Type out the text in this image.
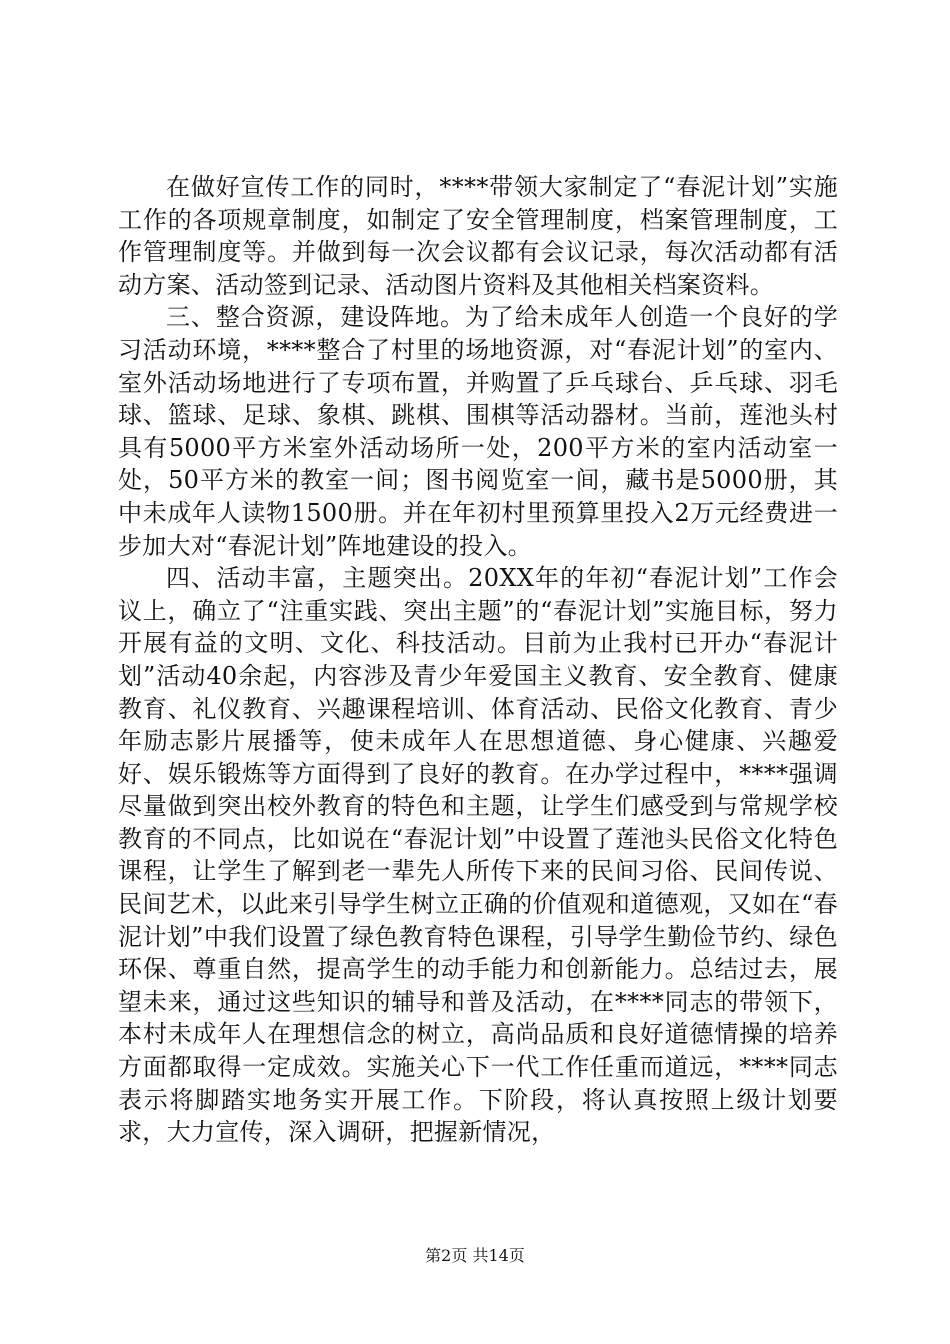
在做好宣传工作的同时，****带领大家制定了“春泥计划”实施工作的各项规章制度，如制定了安全管理制度，档案管理制度，工作管理制度等。并做到每一次会议都有会议记录，每次活动都有活动方案、活动签到记录、活动图片资料及其他相关档案资料。

三、整合资源，建设阵地。为了给未成年人创造一个良好的学习活动环境，****整合了村里的场地资源，对“春泥计划”的室内、室外活动场地进行了专项布置，并购置了乒乓球台、乒乓球、羽毛球、篮球、足球、象棋、跳棋、围棋等活动器材。当前，莲池头村具有5000平方米室外活动场所一处，200平方米的室内活动室一处，50平方米的教室一间；图书阅览室一间，藏书是5000册，其中未成年人读物1500册。并在年初村里预算里投入2万元经费进一步加大对“春泥计划”阵地建设的投入。

四、活动丰富，主题突出。20XX年的年初“春泥计划”工作会议上，确立了“注重实践、突出主题”的“春泥计划”实施目标，努力开展有益的文明、文化、科技活动。目前为止我村已开办“春泥计划”活动40余起，内容涉及青少年爱国主义教育、安全教育、健康教育、礼仪教育、兴趣课程培训、体育活动、民俗文化教育、青少年励志影片展播等，使未成年人在思想道德、身心健康、兴趣爱好、娱乐锻炼等方面得到了良好的教育。在办学过程中，****强调尽量做到突出校外教育的特色和主题，让学生们感受到与常规学校教育的不同点，比如说在“春泥计划”中设置了莲池头民俗文化特色课程，让学生了解到老一辈先人所传下来的民间习俗、民间传说、民间艺术，以此来引导学生树立正确的价值观和道德观，又如在“春泥计划”中我们设置了绿色教育特色课程，引导学生勤俭节约、绿色环保、尊重自然，提高学生的动手能力和创新能力。总结过去，展望未来，通过这些知识的辅导和普及活动，在****同志的带领下，本村未成年人在理想信念的树立，高尚品质和良好道德情操的培养方面都取得一定成效。实施关心下一代工作任重而道远，****同志表示将脚踏实地务实开展工作。下阶段，将认真按照上级计划要求，大力宣传，深入调研，把握新情况，

第2页 共14页
